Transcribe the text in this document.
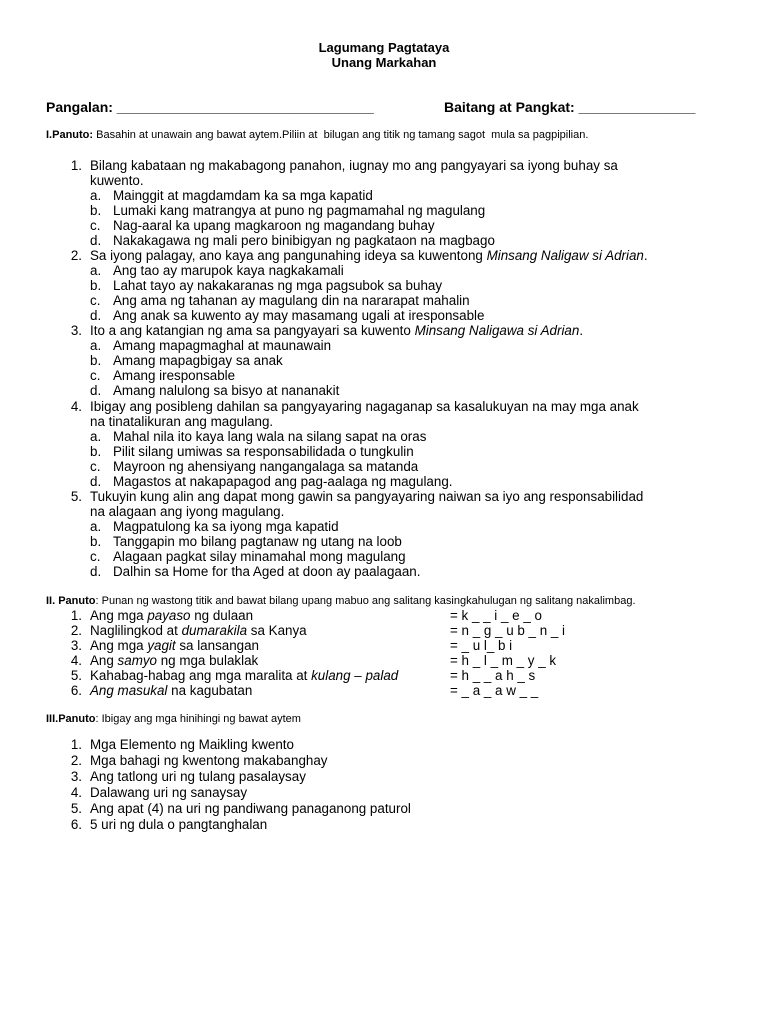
Lagumang Pagtataya
Unang Markahan
Pangalan: _________________________________	Baitang at Pangkat: _______________
I.Panuto: Basahin at unawain ang bawat aytem.Piliin at  bilugan ang titik ng tamang sagot  mula sa pagpipilian.
1. Bilang kabataan ng makabagong panahon, iugnay mo ang pangyayari sa iyong buhay sa
kuwento.
a. Mainggit at magdamdam ka sa mga kapatid
b. Lumaki kang matrangya at puno ng pagmamahal ng magulang
c. Nag-aaral ka upang magkaroon ng magandang buhay
d. Nakakagawa ng mali pero binibigyan ng pagkataon na magbago
2. Sa iyong palagay, ano kaya ang pangunahing ideya sa kuwentong Minsang Naligaw si Adrian.
a. Ang tao ay marupok kaya nagkakamali
b. Lahat tayo ay nakakaranas ng mga pagsubok sa buhay
c. Ang ama ng tahanan ay magulang din na nararapat mahalin
d. Ang anak sa kuwento ay may masamang ugali at iresponsable
3. Ito a ang katangian ng ama sa pangyayari sa kuwento Minsang Naligawa si Adrian.
a. Amang mapagmaghal at maunawain
b. Amang mapagbigay sa anak
c. Amang iresponsable
d. Amang nalulong sa bisyo at nananakit
4. Ibigay ang posibleng dahilan sa pangyayaring nagaganap sa kasalukuyan na may mga anak
na tinatalikuran ang magulang.
a. Mahal nila ito kaya lang wala na silang sapat na oras
b. Pilit silang umiwas sa responsabilidada o tungkulin
c. Mayroon ng ahensiyang nangangalaga sa matanda
d. Magastos at nakapapagod ang pag-aalaga ng magulang.
5. Tukuyin kung alin ang dapat mong gawin sa pangyayaring naiwan sa iyo ang responsabilidad
na alagaan ang iyong magulang.
a. Magpatulong ka sa iyong mga kapatid
b. Tanggapin mo bilang pagtanaw ng utang na loob
c. Alagaan pagkat silay minamahal mong magulang
d. Dalhin sa Home for tha Aged at doon ay paalagaan.
II. Panuto: Punan ng wastong titik and bawat bilang upang mabuo ang salitang kasingkahulugan ng salitang nakalimbag.
1. Ang mga payaso ng dulaan	= k _ _ i _ e _ o
2. Naglilingkod at dumarakila sa Kanya	= n _ g _ u b _ n _ i
3. Ang mga yagit sa lansangan	= _ u l_ b i
4. Ang samyo ng mga bulaklak	= h _ l _ m _ y _ k
5. Kahabag-habag ang mga maralita at kulang – palad	= h _ _ a h _ s
6. Ang masukal na kagubatan	= _ a _ a w _ _
III.Panuto: Ibigay ang mga hinihingi ng bawat aytem
1. Mga Elemento ng Maikling kwento
2. Mga bahagi ng kwentong makabanghay
3. Ang tatlong uri ng tulang pasalaysay
4. Dalawang uri ng sanaysay
5. Ang apat (4) na uri ng pandiwang panaganong paturol
6. 5 uri ng dula o pangtanghalan
